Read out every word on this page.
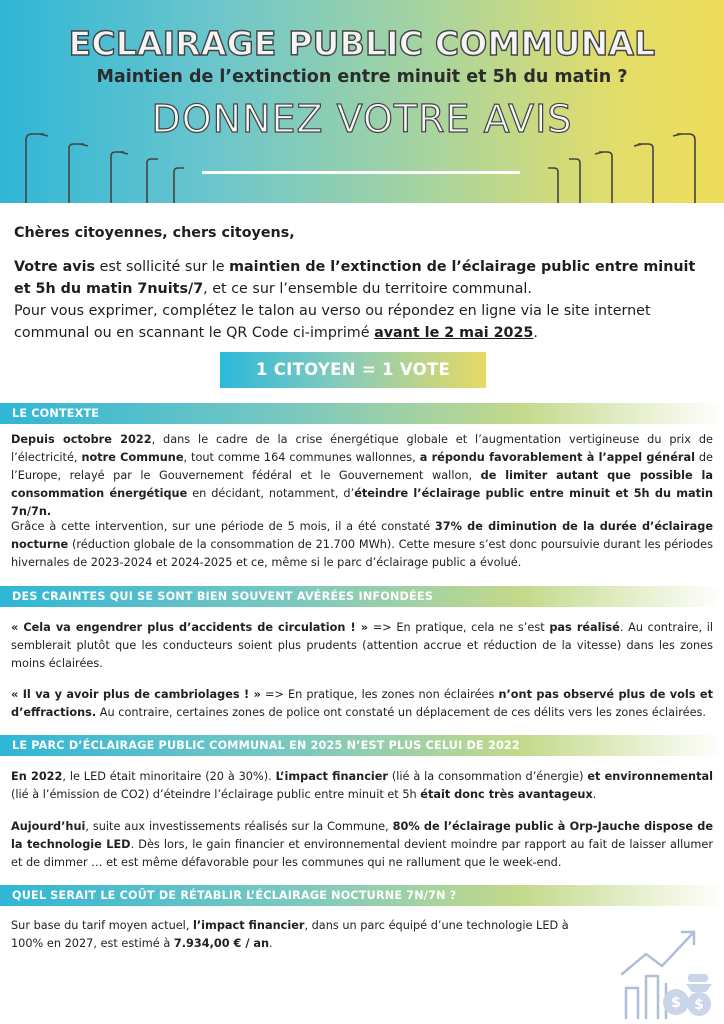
ECLAIRAGE PUBLIC COMMUNAL
Maintien de l’extinction entre minuit et 5h du matin ?
DONNEZ VOTRE AVIS

Chères citoyennes, chers citoyens,

Votre avis est sollicité sur le maintien de l’extinction de l’éclairage public entre minuit et 5h du matin 7nuits/7, et ce sur l’ensemble du territoire communal.

Pour vous exprimer, complétez le talon au verso ou répondez en ligne via le site internet communal ou en scannant le QR Code ci-imprimé avant le 2 mai 2025.

1 CITOYEN = 1 VOTE
LE CONTEXTE
Depuis octobre 2022, dans le cadre de la crise énergétique globale et l’augmentation vertigineuse du prix de l’électricité, notre Commune, tout comme 164 communes wallonnes, a répondu favorablement à l’appel général de l’Europe, relayé par le Gouvernement fédéral et le Gouvernement wallon, de limiter autant que possible la consommation énergétique en décidant, notamment, d’éteindre l’éclairage public entre minuit et 5h du matin 7n/7n.
Grâce à cette intervention, sur une période de 5 mois, il a été constaté 37% de diminution de la durée d’éclairage nocturne (réduction globale de la consommation de 21.700 MWh). Cette mesure s’est donc poursuivie durant les périodes hivernales de 2023-2024 et 2024-2025 et ce, même si le parc d’éclairage public a évolué.
DES CRAINTES QUI SE SONT BIEN SOUVENT AVÉRÉES INFONDÉES
« Cela va engendrer plus d’accidents de circulation ! » => En pratique, cela ne s’est pas réalisé. Au contraire, il semblerait plutôt que les conducteurs soient plus prudents (attention accrue et réduction de la vitesse) dans les zones moins éclairées.
« Il va y avoir plus de cambriolages ! » => En pratique, les zones non éclairées n’ont pas observé plus de vols et d’effractions. Au contraire, certaines zones de police ont constaté un déplacement de ces délits vers les zones éclairées.
LE PARC D’ÉCLAIRAGE PUBLIC COMMUNAL EN 2025 N’EST PLUS CELUI DE 2022
En 2022, le LED était minoritaire (20 à 30%). L’impact financier (lié à la consommation d’énergie) et environnemental (lié à l’émission de CO2) d’éteindre l’éclairage public entre minuit et 5h était donc très avantageux.
Aujourd’hui, suite aux investissements réalisés sur la Commune, 80% de l’éclairage public à Orp-Jauche dispose de la technologie LED. Dès lors, le gain financier et environnemental devient moindre par rapport au fait de laisser allumer et de dimmer … et est même défavorable pour les communes qui ne rallument que le week-end.
QUEL SERAIT LE COÛT DE RÉTABLIR L’ÉCLAIRAGE NOCTURNE 7N/7N ?
Sur base du tarif moyen actuel, l’impact financier, dans un parc équipé d’une technologie LED à 100% en 2027, est estimé à 7.934,00 € / an.
$ $
